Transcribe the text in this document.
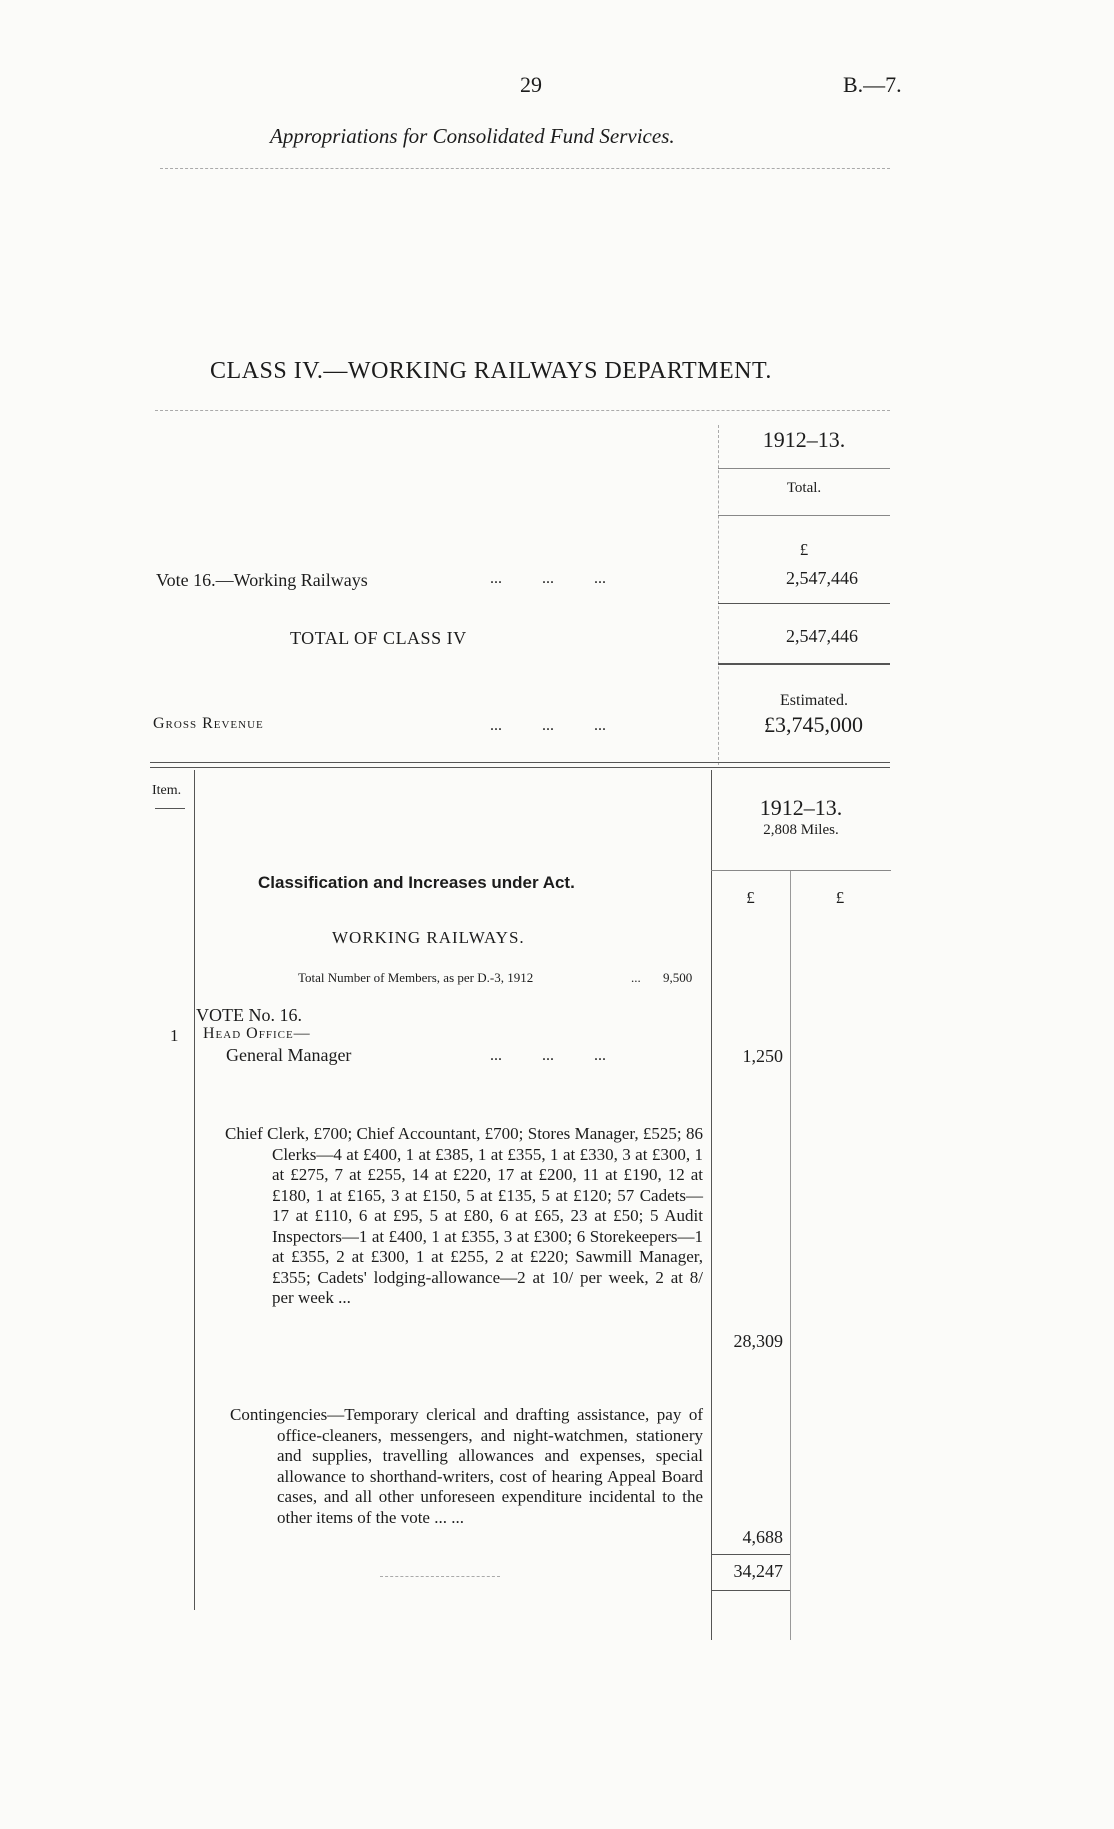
29	B.—7.
Appropriations for Consolidated Fund Services.
CLASS IV.—WORKING RAILWAYS DEPARTMENT.
1912–13.
Total.
£
Vote 16.—Working Railways	...          ...          ...	2,547,446
TOTAL OF CLASS IV	2,547,446
Estimated.
Gross Revenue	...          ...          ...	£3,745,000
Item.
1912–13.
2,808 Miles.
Classification and Increases under Act.
£	£
WORKING RAILWAYS.
Total Number of Members, as per D.-3, 1912	... 9,500
VOTE No. 16.
1 Head Office—
General Manager	...          ...          ...	1,250
Chief Clerk, £700; Chief Accountant, £700; Stores Manager, £525; 86 Clerks—4 at £400, 1 at £385, 1 at £355, 1 at £330, 3 at £300, 1 at £275, 7 at £255, 14 at £220, 17 at £200, 11 at £190, 12 at £180, 1 at £165, 3 at £150, 5 at £135, 5 at £120; 57 Cadets—17 at £110, 6 at £95, 5 at £80, 6 at £65, 23 at £50; 5 Audit Inspectors—1 at £400, 1 at £355, 3 at £300; 6 Storekeepers—1 at £355, 2 at £300, 1 at £255, 2 at £220; Sawmill Manager, £355; Cadets' lodging-allowance—2 at 10/ per week, 2 at 8/ per week ...
28,309
Contingencies—Temporary clerical and drafting assistance, pay of office-cleaners, messengers, and night-watchmen, stationery and supplies, travelling allowances and expenses, special allowance to shorthand-writers, cost of hearing Appeal Board cases, and all other unforeseen expenditure incidental to the other items of the vote ... ...
4,688
34,247
